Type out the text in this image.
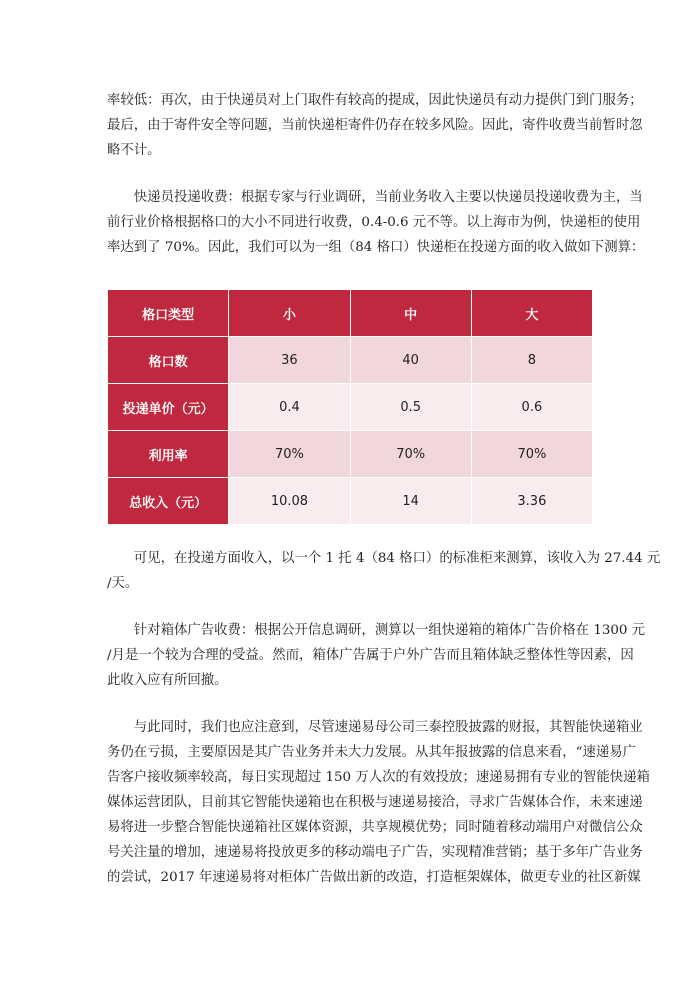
率较低：再次，由于快递员对上门取件有较高的提成，因此快递员有动力提供门到门服务；
最后，由于寄件安全等问题，当前快递柜寄件仍存在较多风险。因此，寄件收费当前暂时忽
略不计。

快递员投递收费：根据专家与行业调研，当前业务收入主要以快递员投递收费为主，当
前行业价格根据格口的大小不同进行收费，0.4-0.6 元不等。以上海市为例，快递柜的使用
率达到了 70%。因此，我们可以为一组（84 格口）快递柜在投递方面的收入做如下测算：

格口类型	小	中	大
格口数	36	40	8
投递单价（元）	0.4	0.5	0.6
利用率	70%	70%	70%
总收入（元）	10.08	14	3.36

可见，在投递方面收入，以一个 1 托 4（84 格口）的标准柜来测算，该收入为 27.44 元
/天。

针对箱体广告收费：根据公开信息调研，测算以一组快递箱的箱体广告价格在 1300 元
/月是一个较为合理的受益。然而，箱体广告属于户外广告而且箱体缺乏整体性等因素，因
此收入应有所回撤。

与此同时，我们也应注意到，尽管速递易母公司三泰控股披露的财报，其智能快递箱业
务仍在亏损，主要原因是其广告业务并未大力发展。从其年报披露的信息来看，“速递易广
告客户接收频率较高，每日实现超过 150 万人次的有效投放；速递易拥有专业的智能快递箱
媒体运营团队，目前其它智能快递箱也在积极与速递易接洽，寻求广告媒体合作，未来速递
易将进一步整合智能快递箱社区媒体资源，共享规模优势；同时随着移动端用户对微信公众
号关注量的增加，速递易将投放更多的移动端电子广告，实现精准营销；基于多年广告业务
的尝试，2017 年速递易将对柜体广告做出新的改造，打造框架媒体，做更专业的社区新媒
